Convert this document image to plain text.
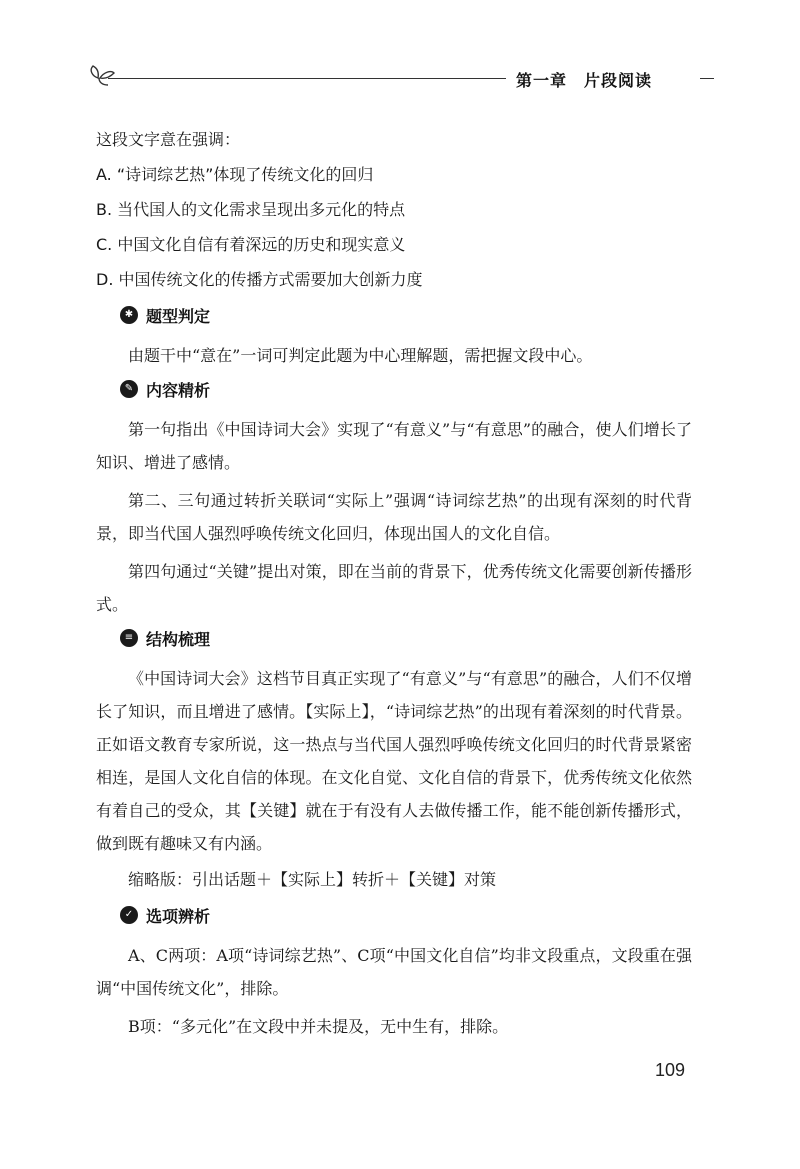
第一章　片段阅读

这段文字意在强调：

A. “诗词综艺热”体现了传统文化的回归

B. 当代国人的文化需求呈现出多元化的特点

C. 中国文化自信有着深远的历史和现实意义

D. 中国传统文化的传播方式需要加大创新力度

✱ 题型判定

由题干中“意在”一词可判定此题为中心理解题，需把握文段中心。

✎ 内容精析

第一句指出《中国诗词大会》实现了“有意义”与“有意思”的融合，使人们增长了知识、增进了感情。

第二、三句通过转折关联词“实际上”强调“诗词综艺热”的出现有深刻的时代背景，即当代国人强烈呼唤传统文化回归，体现出国人的文化自信。

第四句通过“关键”提出对策，即在当前的背景下，优秀传统文化需要创新传播形式。

≡ 结构梳理

《中国诗词大会》这档节目真正实现了“有意义”与“有意思”的融合，人们不仅增长了知识，而且增进了感情。【实际上】，“诗词综艺热”的出现有着深刻的时代背景。正如语文教育专家所说，这一热点与当代国人强烈呼唤传统文化回归的时代背景紧密相连，是国人文化自信的体现。在文化自觉、文化自信的背景下，优秀传统文化依然有着自己的受众，其【关键】就在于有没有人去做传播工作，能不能创新传播形式，做到既有趣味又有内涵。

缩略版：引出话题＋【实际上】转折＋【关键】对策

✓ 选项辨析

A、C两项：A项“诗词综艺热”、C项“中国文化自信”均非文段重点，文段重在强调“中国传统文化”，排除。

B项：“多元化”在文段中并未提及，无中生有，排除。

109
